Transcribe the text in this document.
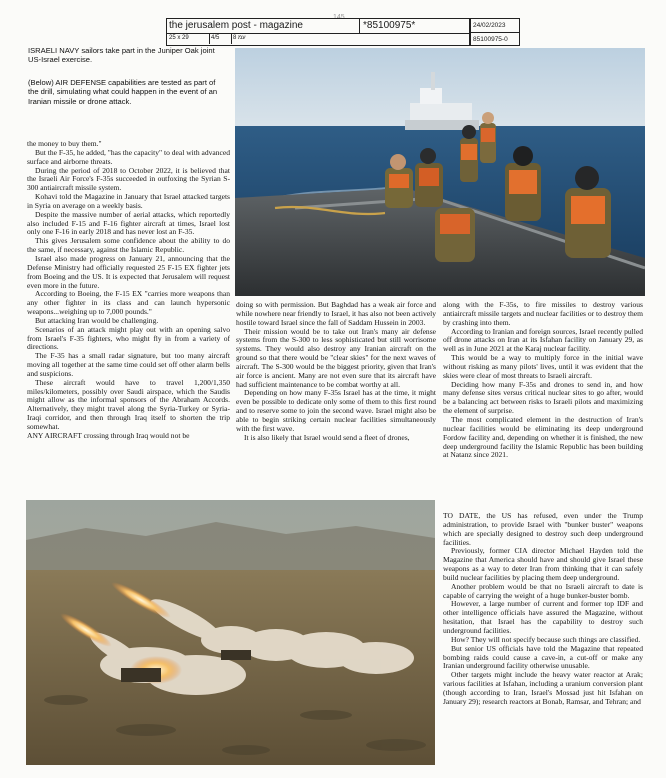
145
the jerusalem post - magazine	*85100975*
25 x 29	4/5	8 עמ
24/02/2023
85100975-0

ISRAELI NAVY sailors take part in the Juniper Oak joint US-Israel exercise.

(Below) AIR DEFENSE capabilities are tested as part of the drill, simulating what could happen in the event of an Iranian missile or drone attack.

the money to buy them."

But the F-35, he added, "has the capacity" to deal with advanced surface and airborne threats.

During the period of 2018 to October 2022, it is believed that the Israeli Air Force's F-35s succeeded in outfoxing the Syrian S-300 antiaircraft missile system.

Kohavi told the Magazine in January that Israel attacked targets in Syria on average on a weekly basis.

Despite the massive number of aerial attacks, which reportedly also included F-15 and F-16 fighter aircraft at times, Israel lost only one F-16 in early 2018 and has never lost an F-35.

This gives Jerusalem some confidence about the ability to do the same, if necessary, against the Islamic Republic.

Israel also made progress on January 21, announcing that the Defense Ministry had officially requested 25 F-15 EX fighter jets from Boeing and the US. It is expected that Jerusalem will request even more in the future.

According to Boeing, the F-15 EX "carries more weapons than any other fighter in its class and can launch hypersonic weapons...weighing up to 7,000 pounds."

But attacking Iran would be challenging.

Scenarios of an attack might play out with an opening salvo from Israel's F-35 fighters, who might fly in from a variety of directions.

The F-35 has a small radar signature, but too many aircraft moving all together at the same time could set off other alarm bells and suspicions.

These aircraft would have to travel 1,200/1,350 miles/kilometers, possibly over Saudi airspace, which the Saudis might allow as the informal sponsors of the Abraham Accords. Alternatively, they might travel along the Syria-Turkey or Syria-Iraqi corridor, and then through Iraq itself to shorten the trip somewhat.

ANY AIRCRAFT crossing through Iraq would not be

doing so with permission. But Baghdad has a weak air force and while nowhere near friendly to Israel, it has also not been actively hostile toward Israel since the fall of Saddam Hussein in 2003.

Their mission would be to take out Iran's many air defense systems from the S-300 to less sophisticated but still worrisome systems. They would also destroy any Iranian aircraft on the ground so that there would be "clear skies" for the next waves of aircraft. The S-300 would be the biggest priority, given that Iran's air force is ancient. Many are not even sure that its aircraft have had sufficient maintenance to be combat worthy at all.

Depending on how many F-35s Israel has at the time, it might even be possible to dedicate only some of them to this first round and to reserve some to join the second wave. Israel might also be able to begin striking certain nuclear facilities simultaneously with the first wave.

It is also likely that Israel would send a fleet of drones,

along with the F-35s, to fire missiles to destroy various antiaircraft missile targets and nuclear facilities or to destroy them by crashing into them.

According to Iranian and foreign sources, Israel recently pulled off drone attacks on Iran at its Isfahan facility on January 29, as well as in June 2021 at the Karaj nuclear facility.

This would be a way to multiply force in the initial wave without risking as many pilots' lives, until it was evident that the skies were clear of most threats to Israeli aircraft.

Deciding how many F-35s and drones to send in, and how many defense sites versus critical nuclear sites to go after, would be a balancing act between risks to Israeli pilots and maximizing the element of surprise.

The most complicated element in the destruction of Iran's nuclear facilities would be eliminating its deep underground Fordow facility and, depending on whether it is finished, the new deep underground facility the Islamic Republic has been building at Natanz since 2021.

TO DATE, the US has refused, even under the Trump administration, to provide Israel with "bunker buster" weapons which are specially designed to destroy such deep underground facilities.

Previously, former CIA director Michael Hayden told the Magazine that America should have and should give Israel these weapons as a way to deter Iran from thinking that it can safely build nuclear facilities by placing them deep underground.

Another problem would be that no Israeli aircraft to date is capable of carrying the weight of a huge bunker-buster bomb.

However, a large number of current and former top IDF and other intelligence officials have assured the Magazine, without hesitation, that Israel has the capability to destroy such underground facilities.

How? They will not specify because such things are classified.

But senior US officials have told the Magazine that repeated bombing raids could cause a cave-in, a cut-off or make any Iranian underground facility otherwise unusable.

Other targets might include the heavy water reactor at Arak; various facilities at Isfahan, including a uranium conversion plant (though according to Iran, Israel's Mossad just hit Isfahan on January 29); research reactors at Bonab, Ramsar, and Tehran; and
